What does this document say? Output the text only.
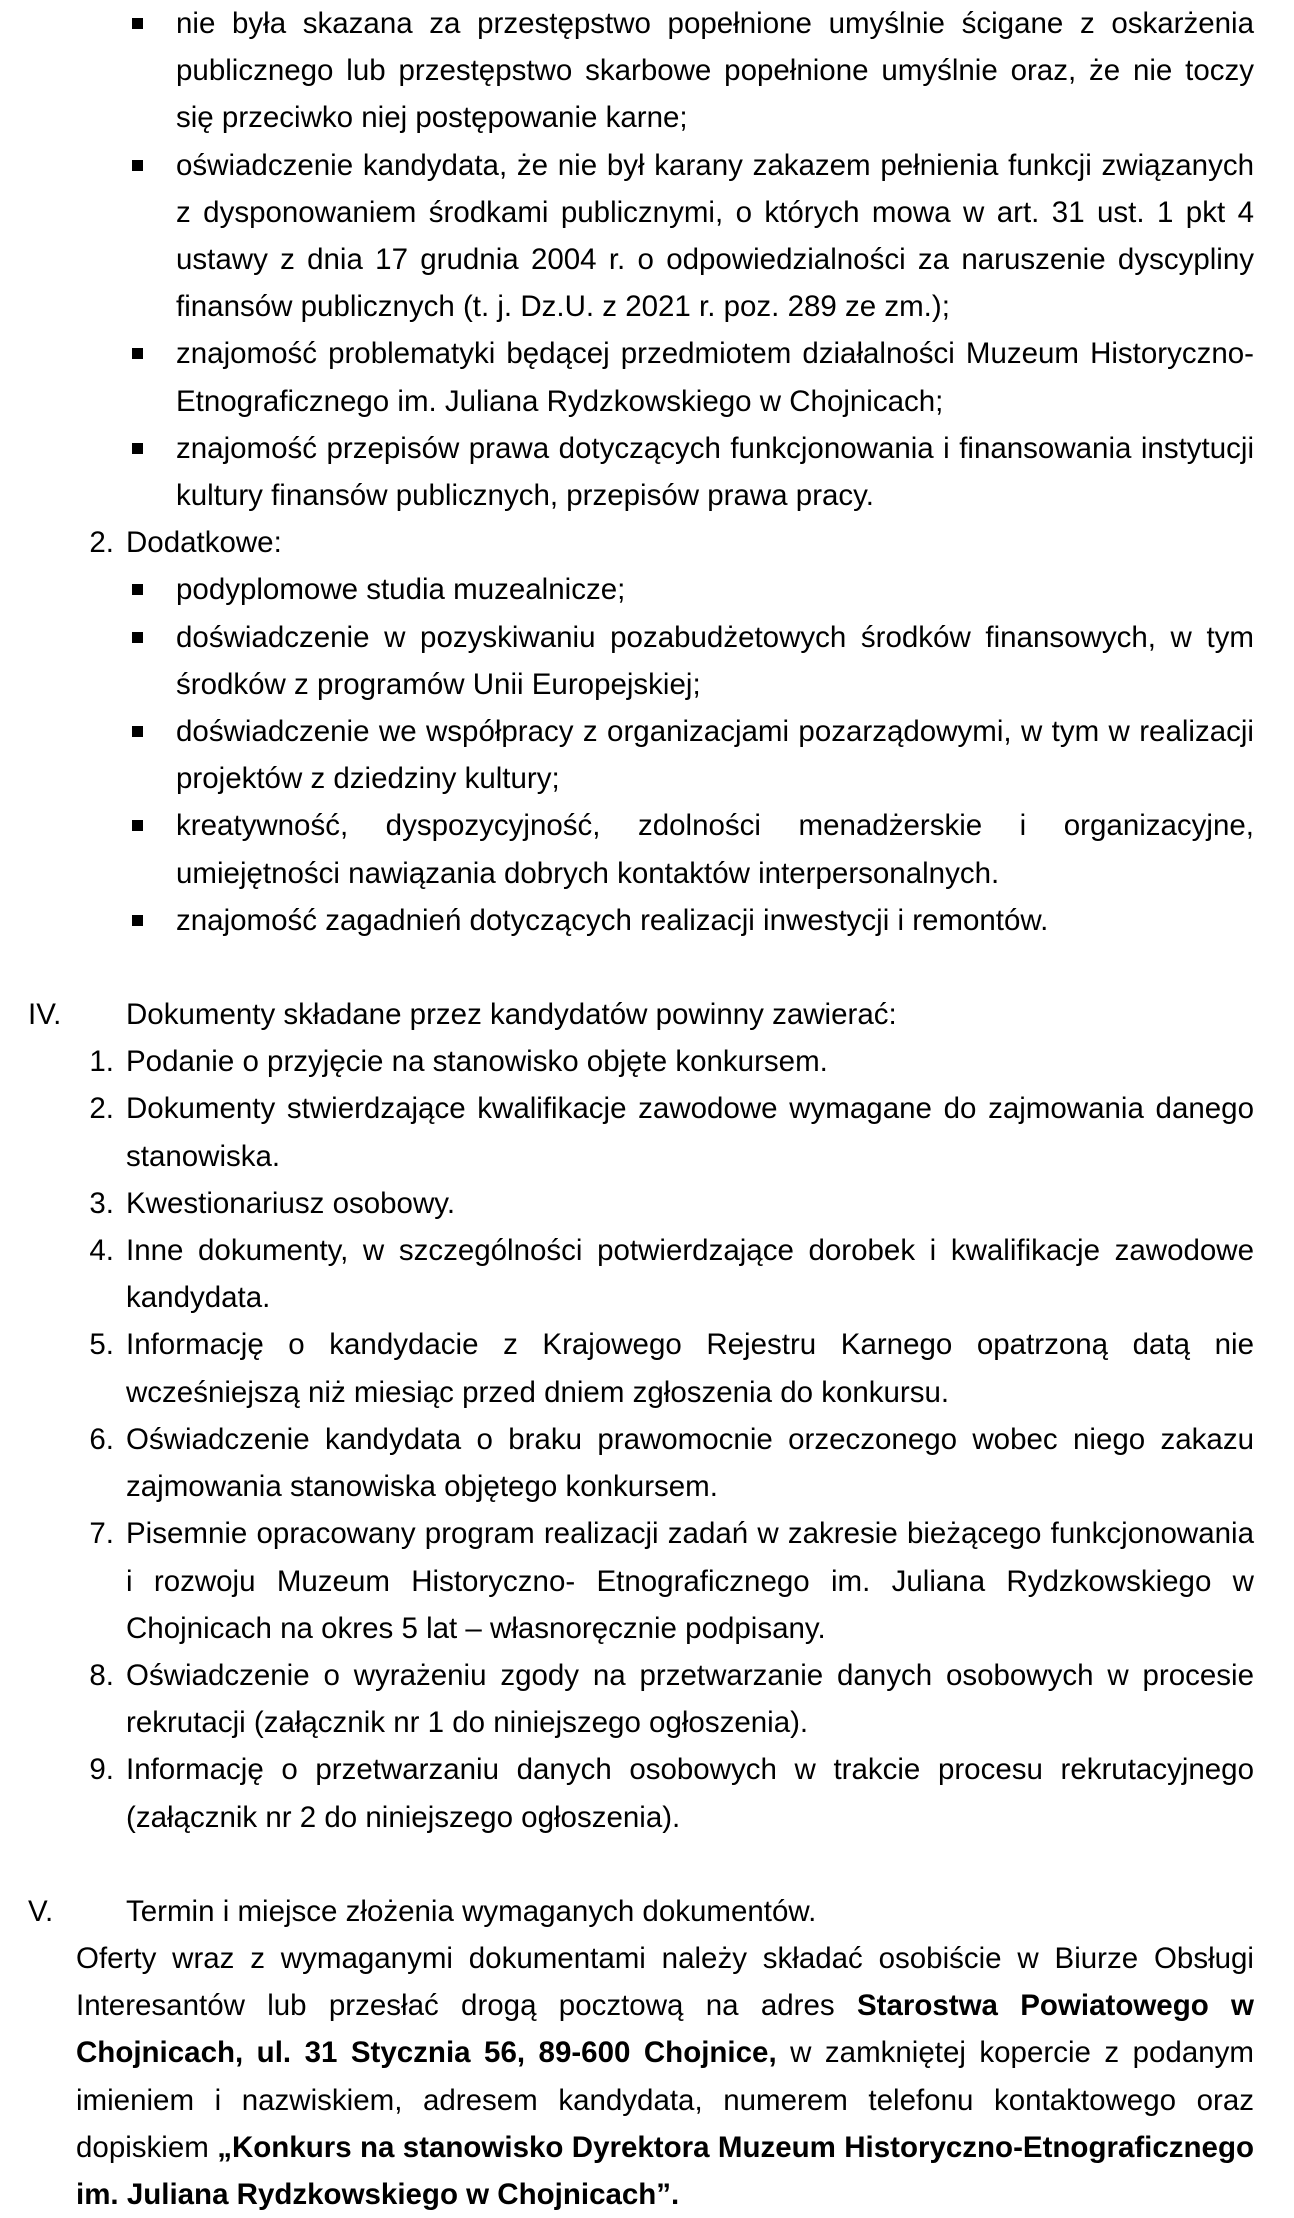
nie była skazana za przestępstwo popełnione umyślnie ścigane z oskarżenia publicznego lub przestępstwo skarbowe popełnione umyślnie oraz, że nie toczy się przeciwko niej postępowanie karne;
oświadczenie kandydata, że nie był karany zakazem pełnienia funkcji związanych z dysponowaniem środkami publicznymi, o których mowa w art. 31 ust. 1 pkt 4 ustawy z dnia 17 grudnia 2004 r. o odpowiedzialności za naruszenie dyscypliny finansów publicznych (t. j. Dz.U. z 2021 r. poz. 289 ze zm.);
znajomość problematyki będącej przedmiotem działalności Muzeum Historyczno-Etnograficznego im. Juliana Rydzkowskiego w Chojnicach;
znajomość przepisów prawa dotyczących funkcjonowania i finansowania instytucji kultury finansów publicznych, przepisów prawa pracy.
2. Dodatkowe:
podyplomowe studia muzealnicze;
doświadczenie w pozyskiwaniu pozabudżetowych środków finansowych, w tym środków z programów Unii Europejskiej;
doświadczenie we współpracy z organizacjami pozarządowymi, w tym w realizacji projektów z dziedziny kultury;
kreatywność, dyspozycyjność, zdolności menadżerskie i organizacyjne, umiejętności nawiązania dobrych kontaktów interpersonalnych.
znajomość zagadnień dotyczących realizacji inwestycji i remontów.
IV. Dokumenty składane przez kandydatów powinny zawierać:
1. Podanie o przyjęcie na stanowisko objęte konkursem.
2. Dokumenty stwierdzające kwalifikacje zawodowe wymagane do zajmowania danego stanowiska.
3. Kwestionariusz osobowy.
4. Inne dokumenty, w szczególności potwierdzające dorobek i kwalifikacje zawodowe kandydata.
5. Informację o kandydacie z Krajowego Rejestru Karnego opatrzoną datą nie wcześniejszą niż miesiąc przed dniem zgłoszenia do konkursu.
6. Oświadczenie kandydata o braku prawomocnie orzeczonego wobec niego zakazu zajmowania stanowiska objętego konkursem.
7. Pisemnie opracowany program realizacji zadań w zakresie bieżącego funkcjonowania i rozwoju Muzeum Historyczno- Etnograficznego im. Juliana Rydzkowskiego w Chojnicach na okres 5 lat – własnoręcznie podpisany.
8. Oświadczenie o wyrażeniu zgody na przetwarzanie danych osobowych w procesie rekrutacji (załącznik nr 1 do niniejszego ogłoszenia).
9. Informację o przetwarzaniu danych osobowych w trakcie procesu rekrutacyjnego (załącznik nr 2 do niniejszego ogłoszenia).
V. Termin i miejsce złożenia wymaganych dokumentów.
Oferty wraz z wymaganymi dokumentami należy składać osobiście w Biurze Obsługi Interesantów lub przesłać drogą pocztową na adres Starostwa Powiatowego w Chojnicach, ul. 31 Stycznia 56, 89-600 Chojnice, w zamkniętej kopercie z podanym imieniem i nazwiskiem, adresem kandydata, numerem telefonu kontaktowego oraz dopiskiem „Konkurs na stanowisko Dyrektora Muzeum Historyczno-Etnograficznego im. Juliana Rydzkowskiego w Chojnicach”.
